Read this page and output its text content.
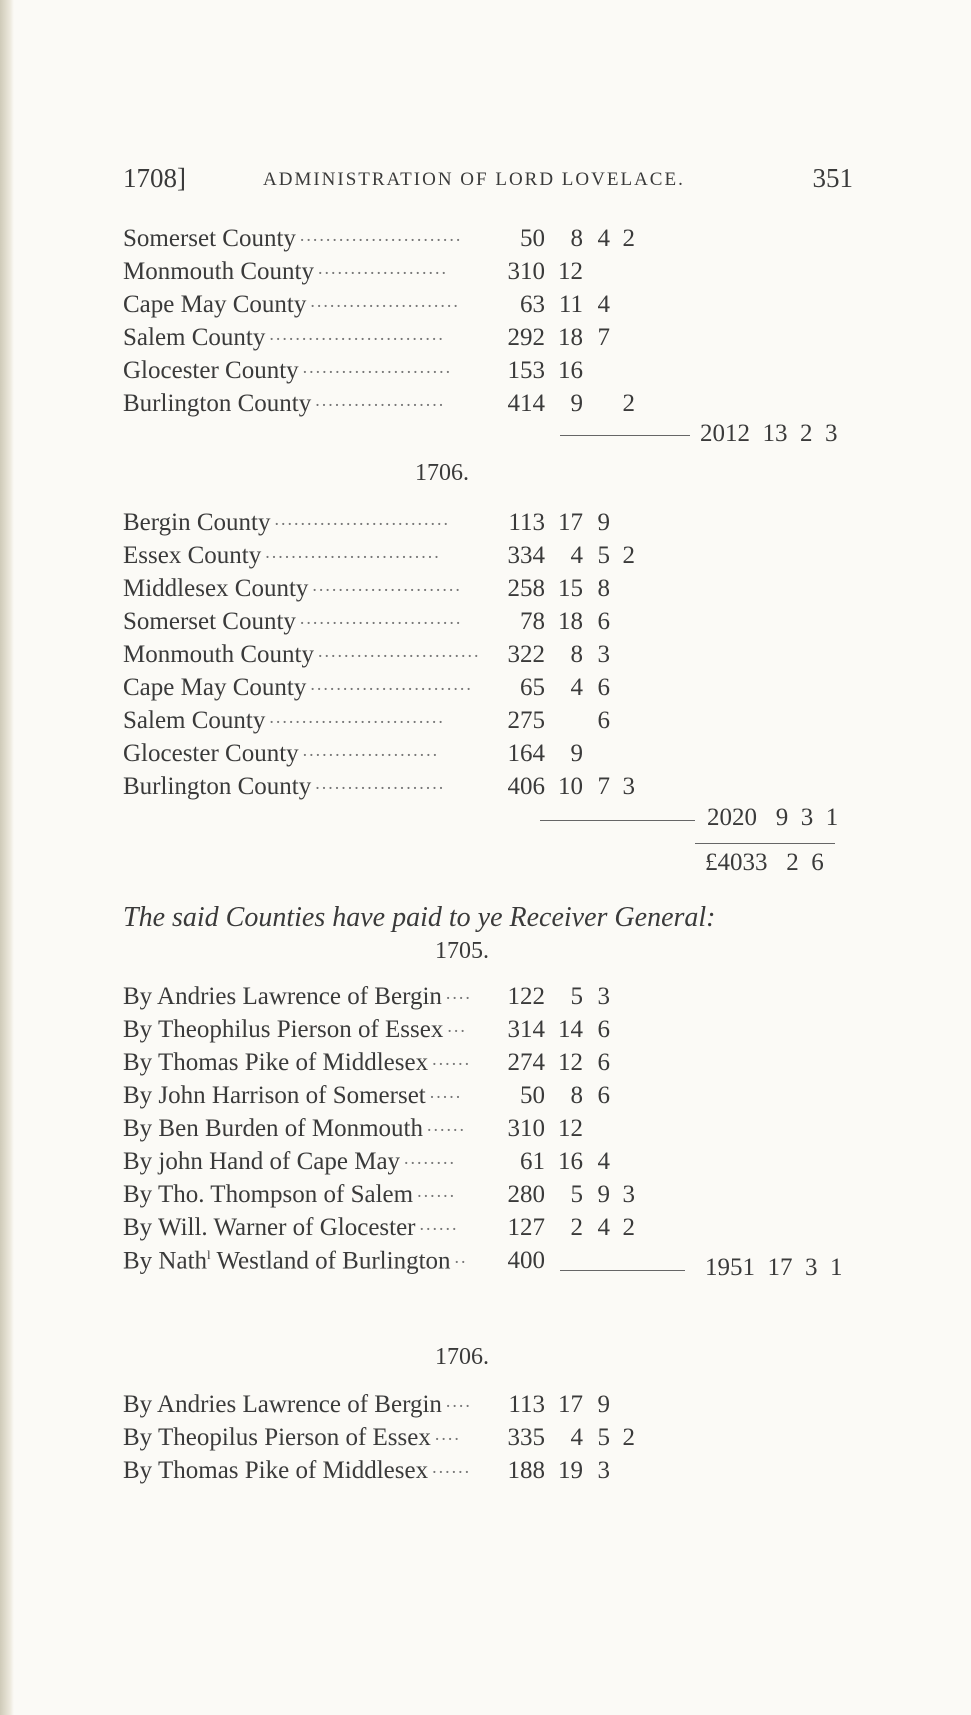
1708]	ADMINISTRATION OF LORD LOVELACE.	351
Somerset County .........................	50	8 4 2
Monmouth County ....................	310 12
Cape May County .......................	63 11 4
Salem County ...........................	292 18 7
Glocester County .......................	153 16
Burlington County ....................	414	9	2
2012 13 2 3
1706.
Bergin County ...........................	113 17 9
Essex County ...........................	334	4 5 2
Middlesex County .......................	258 15 8
Somerset County .........................	78 18 6
Monmouth County .........................	322	8 3
Cape May County .........................	65	4 6
Salem County ...........................	275	6
Glocester County .....................	164	9
Burlington County ....................	406 10 7 3
2020 9 3 1
£4033 2 6
The said Counties have paid to ye Receiver General:
1705.
By Andries Lawrence of Bergin ....	122	5 3
By Theophilus Pierson of Essex ...	314 14 6
By Thomas Pike of Middlesex ......	274 12 6
By John Harrison of Somerset .....	50	8 6
By Ben Burden of Monmouth ......	310 12
By john Hand of Cape May ........	61 16 4
By Tho. Thompson of Salem ......	280	5 9 3
By Will. Warner of Glocester ......	127	2 4 2
By Nath$^l$ Westland of Burlington ..	400	1951 17 3 1
1706.
By Andries Lawrence of Bergin ....	113 17 9
By Theopilus Pierson of Essex ....	335	4 5 2
By Thomas Pike of Middlesex ......	188 19 3
